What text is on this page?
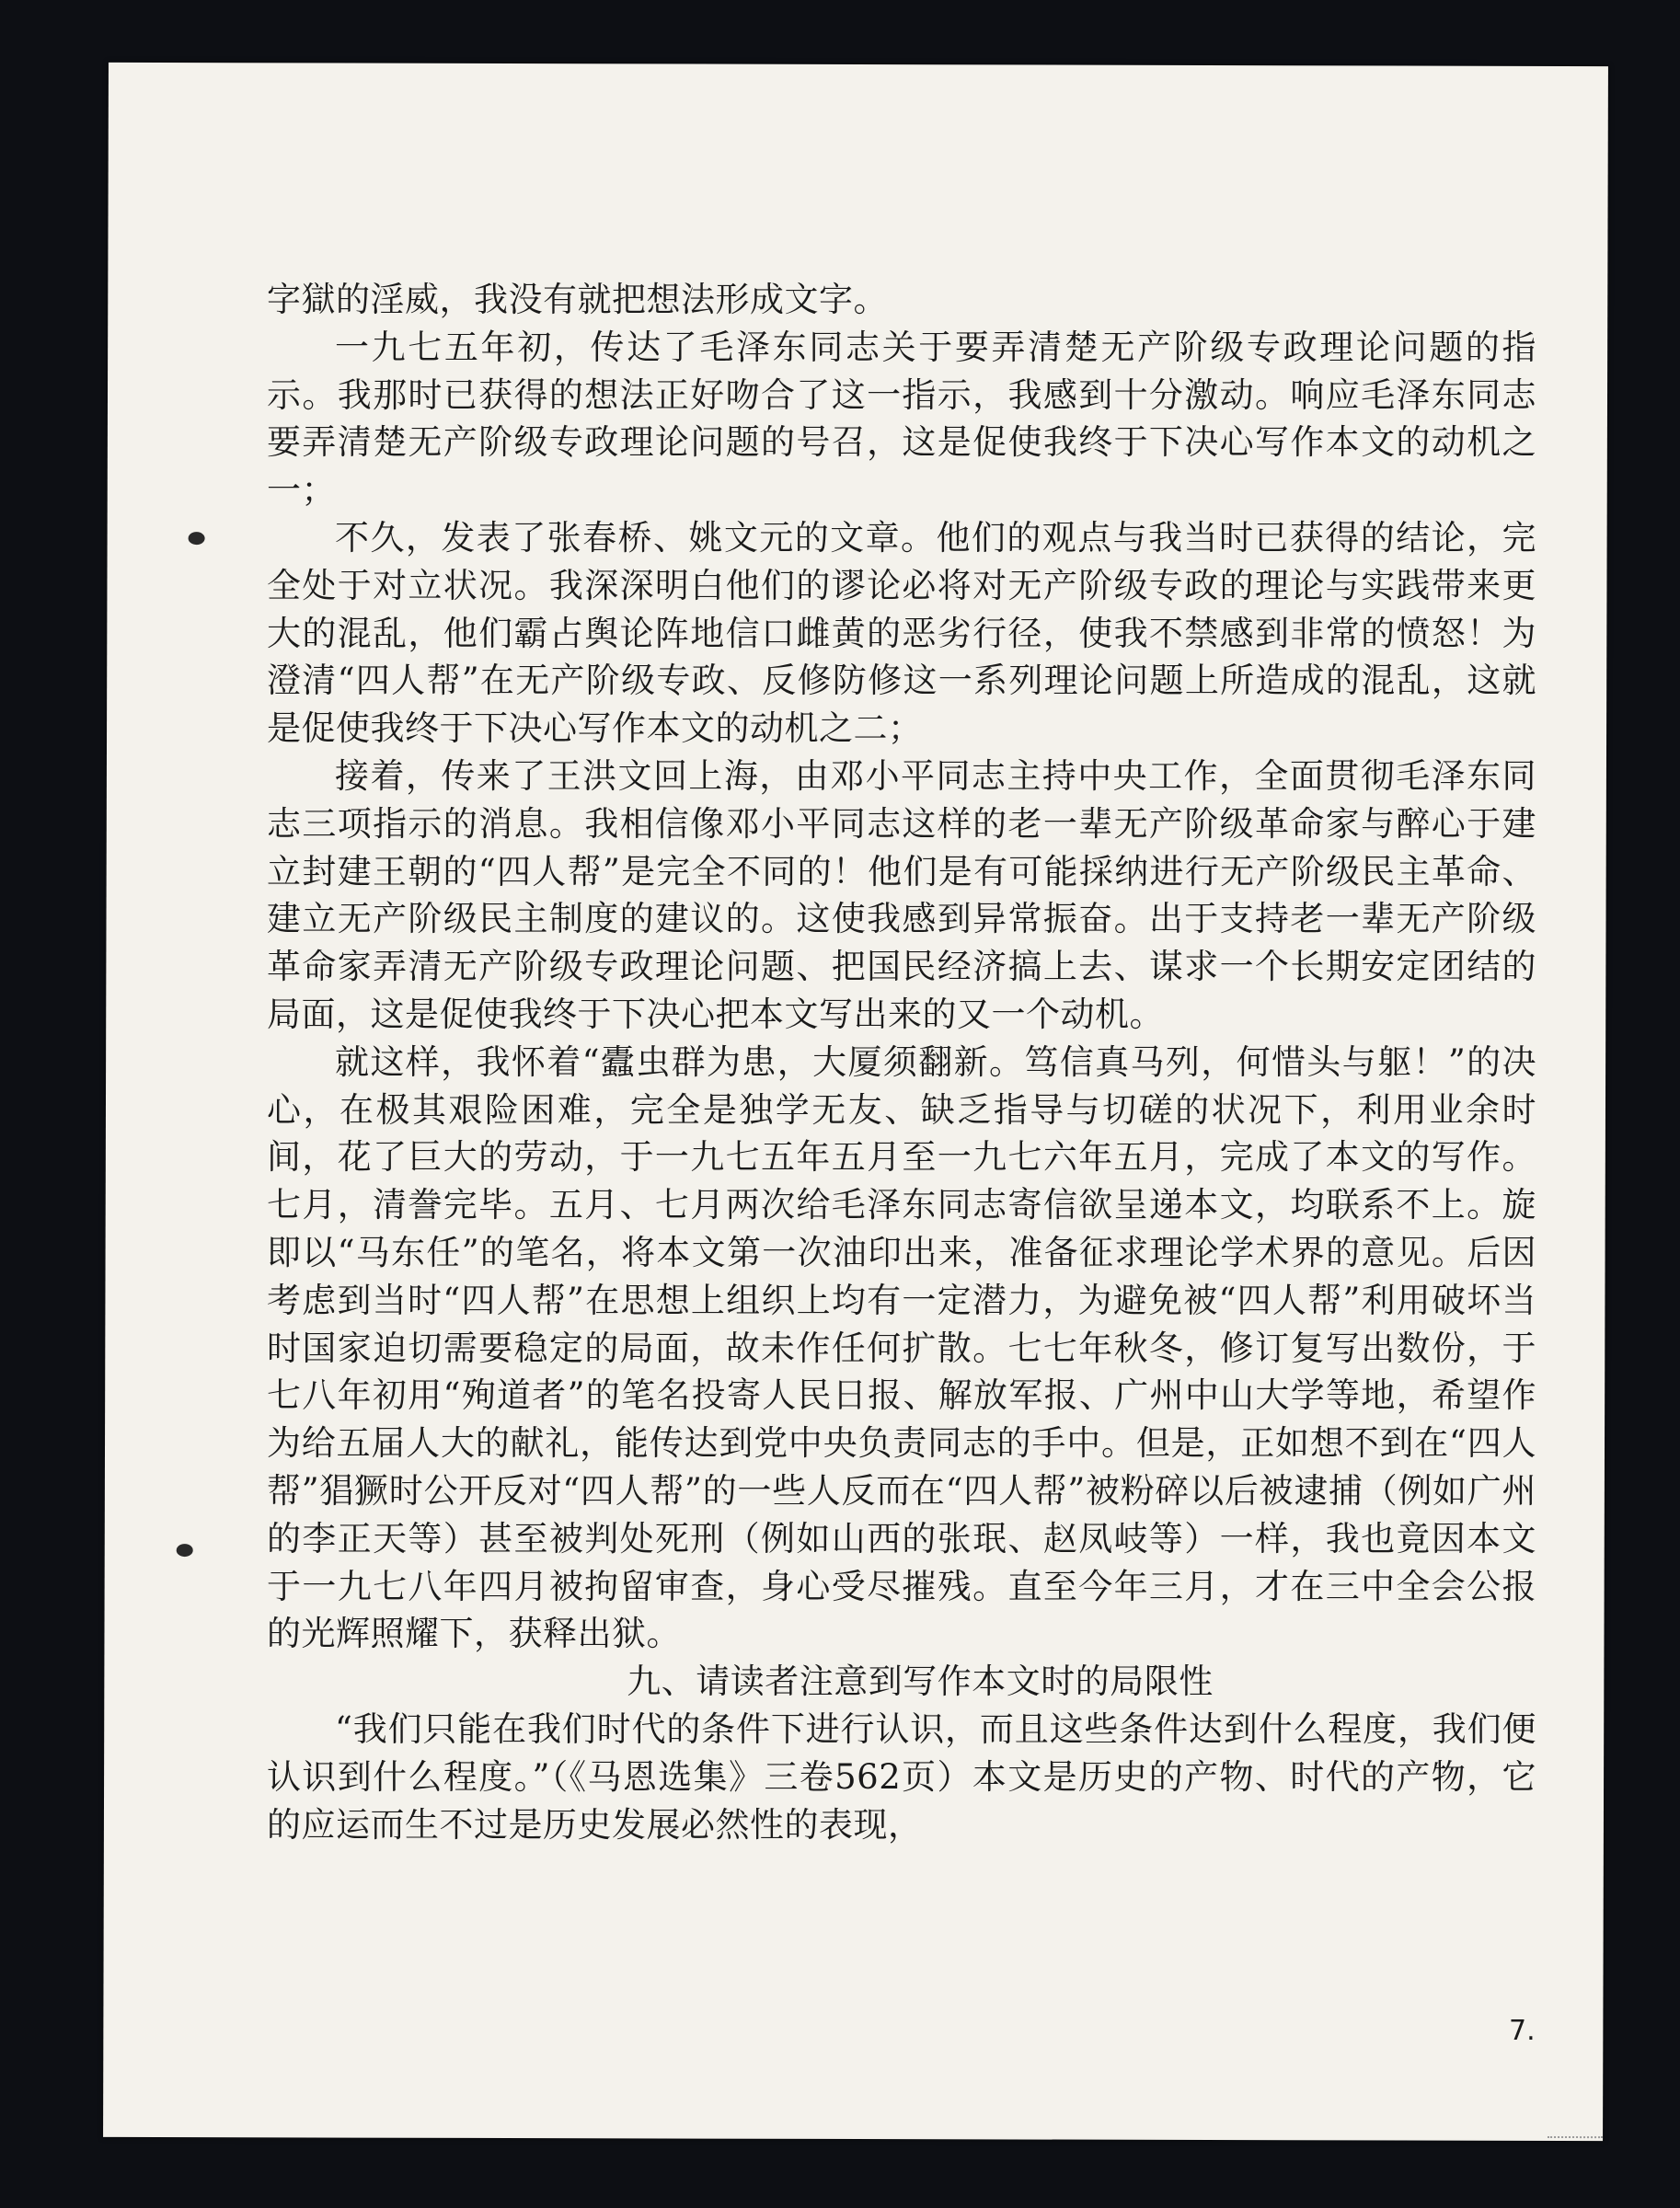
字獄的淫威，我没有就把想法形成文字。

一九七五年初，传达了毛泽东同志关于要弄清楚无产阶级专政理论问题的指示。我那时已获得的想法正好吻合了这一指示，我感到十分激动。响应毛泽东同志要弄清楚无产阶级专政理论问题的号召，这是促使我终于下决心写作本文的动机之一；

不久，发表了张春桥、姚文元的文章。他们的观点与我当时已获得的结论，完全处于对立状况。我深深明白他们的谬论必将对无产阶级专政的理论与实践带来更大的混乱，他们霸占舆论阵地信口雌黄的恶劣行径，使我不禁感到非常的愤怒！为澄清“四人帮”在无产阶级专政、反修防修这一系列理论问题上所造成的混乱，这就是促使我终于下决心写作本文的动机之二；

接着，传来了王洪文回上海，由邓小平同志主持中央工作，全面贯彻毛泽东同志三项指示的消息。我相信像邓小平同志这样的老一辈无产阶级革命家与醉心于建立封建王朝的“四人帮”是完全不同的！他们是有可能採纳进行无产阶级民主革命、建立无产阶级民主制度的建议的。这使我感到异常振奋。出于支持老一辈无产阶级革命家弄清无产阶级专政理论问题、把国民经济搞上去、谋求一个长期安定团结的局面，这是促使我终于下决心把本文写出来的又一个动机。

就这样，我怀着“蠹虫群为患，大厦须翻新。笃信真马列，何惜头与躯！”的决心，在极其艰险困难，完全是独学无友、缺乏指导与切磋的状况下，利用业余时间，花了巨大的劳动，于一九七五年五月至一九七六年五月，完成了本文的写作。七月，清誊完毕。五月、七月两次给毛泽东同志寄信欲呈递本文，均联系不上。旋即以“马东任”的笔名，将本文第一次油印出来，准备征求理论学术界的意见。后因考虑到当时“四人帮”在思想上组织上均有一定潜力，为避免被“四人帮”利用破坏当时国家迫切需要稳定的局面，故未作任何扩散。七七年秋冬，修订复写出数份，于七八年初用“殉道者”的笔名投寄人民日报、解放军报、广州中山大学等地，希望作为给五届人大的献礼，能传达到党中央负责同志的手中。但是，正如想不到在“四人帮”猖獗时公开反对“四人帮”的一些人反而在“四人帮”被粉碎以后被逮捕（例如广州的李正天等）甚至被判处死刑（例如山西的张珉、赵凤岐等）一样，我也竟因本文于一九七八年四月被拘留审查，身心受尽摧残。直至今年三月，才在三中全会公报的光辉照耀下，获释出狱。

九、请读者注意到写作本文时的局限性

“我们只能在我们时代的条件下进行认识，而且这些条件达到什么程度，我们便认识到什么程度。”（《马恩选集》三卷562页）本文是历史的产物、时代的产物，它的应运而生不过是历史发展必然性的表现，

7.
